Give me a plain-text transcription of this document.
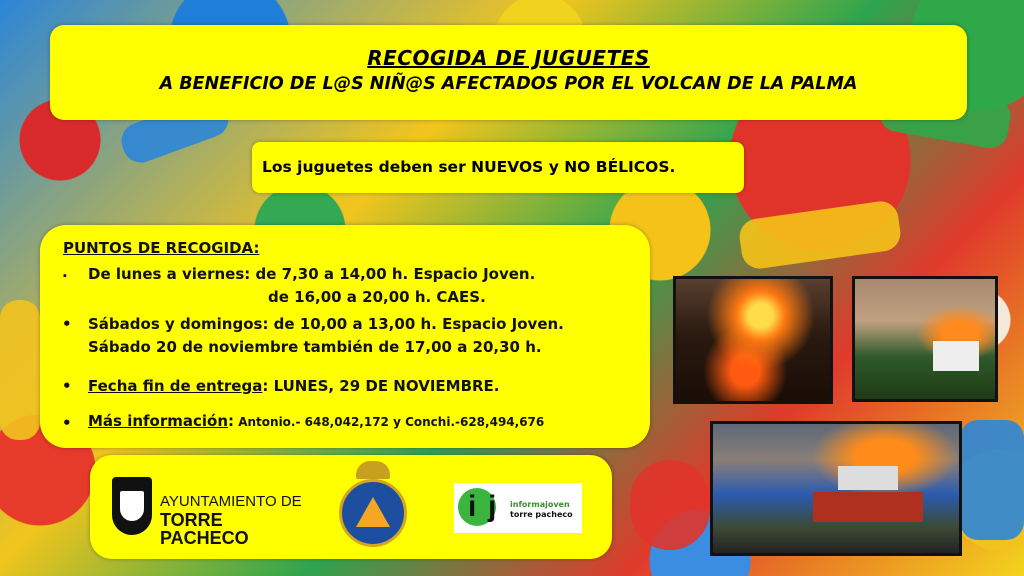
RECOGIDA DE JUGUETES
A BENEFICIO DE L@S NIÑ@S AFECTADOS POR EL VOLCAN DE LA PALMA
Los juguetes deben ser NUEVOS y NO BÉLICOS.
PUNTOS DE RECOGIDA:
. De lunes a viernes: de 7,30 a 14,00 h. Espacio Joven.
de 16,00 a 20,00 h. CAES.
• Sábados y domingos: de 10,00 a 13,00 h. Espacio Joven.
Sábado 20 de noviembre también de 17,00 a 20,30 h.
• Fecha fin de entrega: LUNES, 29 DE NOVIEMBRE.
• Más información: Antonio.- 648,042,172 y Conchi.-628,494,676
AYUNTAMIENTO DE
TORRE PACHECO
i j informajoven
torre pacheco
